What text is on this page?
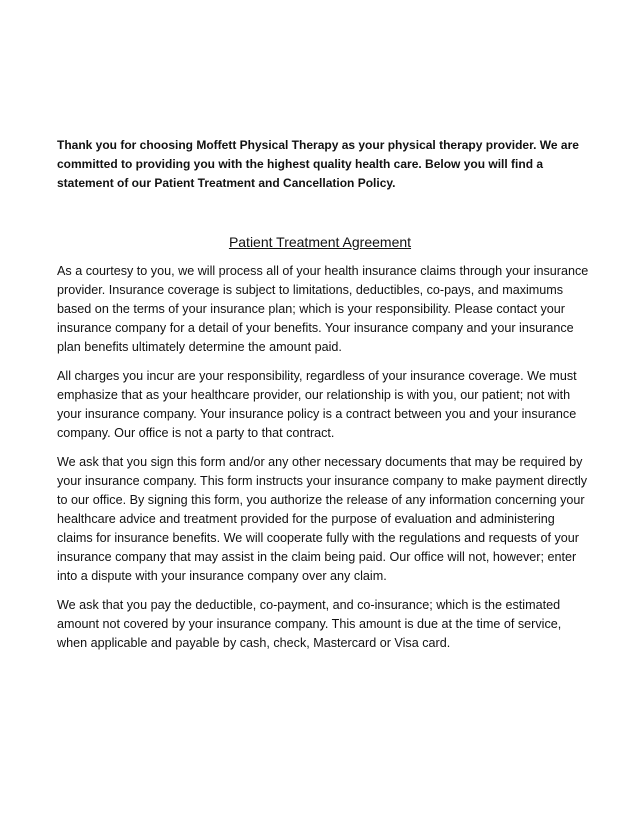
Thank you for choosing Moffett Physical Therapy as your physical therapy provider. We are committed to providing you with the highest quality health care. Below you will find a statement of our Patient Treatment and Cancellation Policy.

Patient Treatment Agreement

As a courtesy to you, we will process all of your health insurance claims through your insurance provider. Insurance coverage is subject to limitations, deductibles, co-pays, and maximums based on the terms of your insurance plan; which is your responsibility. Please contact your insurance company for a detail of your benefits. Your insurance company and your insurance plan benefits ultimately determine the amount paid.

All charges you incur are your responsibility, regardless of your insurance coverage. We must emphasize that as your healthcare provider, our relationship is with you, our patient; not with your insurance company. Your insurance policy is a contract between you and your insurance company. Our office is not a party to that contract.

We ask that you sign this form and/or any other necessary documents that may be required by your insurance company. This form instructs your insurance company to make payment directly to our office. By signing this form, you authorize the release of any information concerning your healthcare advice and treatment provided for the purpose of evaluation and administering claims for insurance benefits. We will cooperate fully with the regulations and requests of your insurance company that may assist in the claim being paid. Our office will not, however; enter into a dispute with your insurance company over any claim.

We ask that you pay the deductible, co-payment, and co-insurance; which is the estimated amount not covered by your insurance company. This amount is due at the time of service, when applicable and payable by cash, check, Mastercard or Visa card.
